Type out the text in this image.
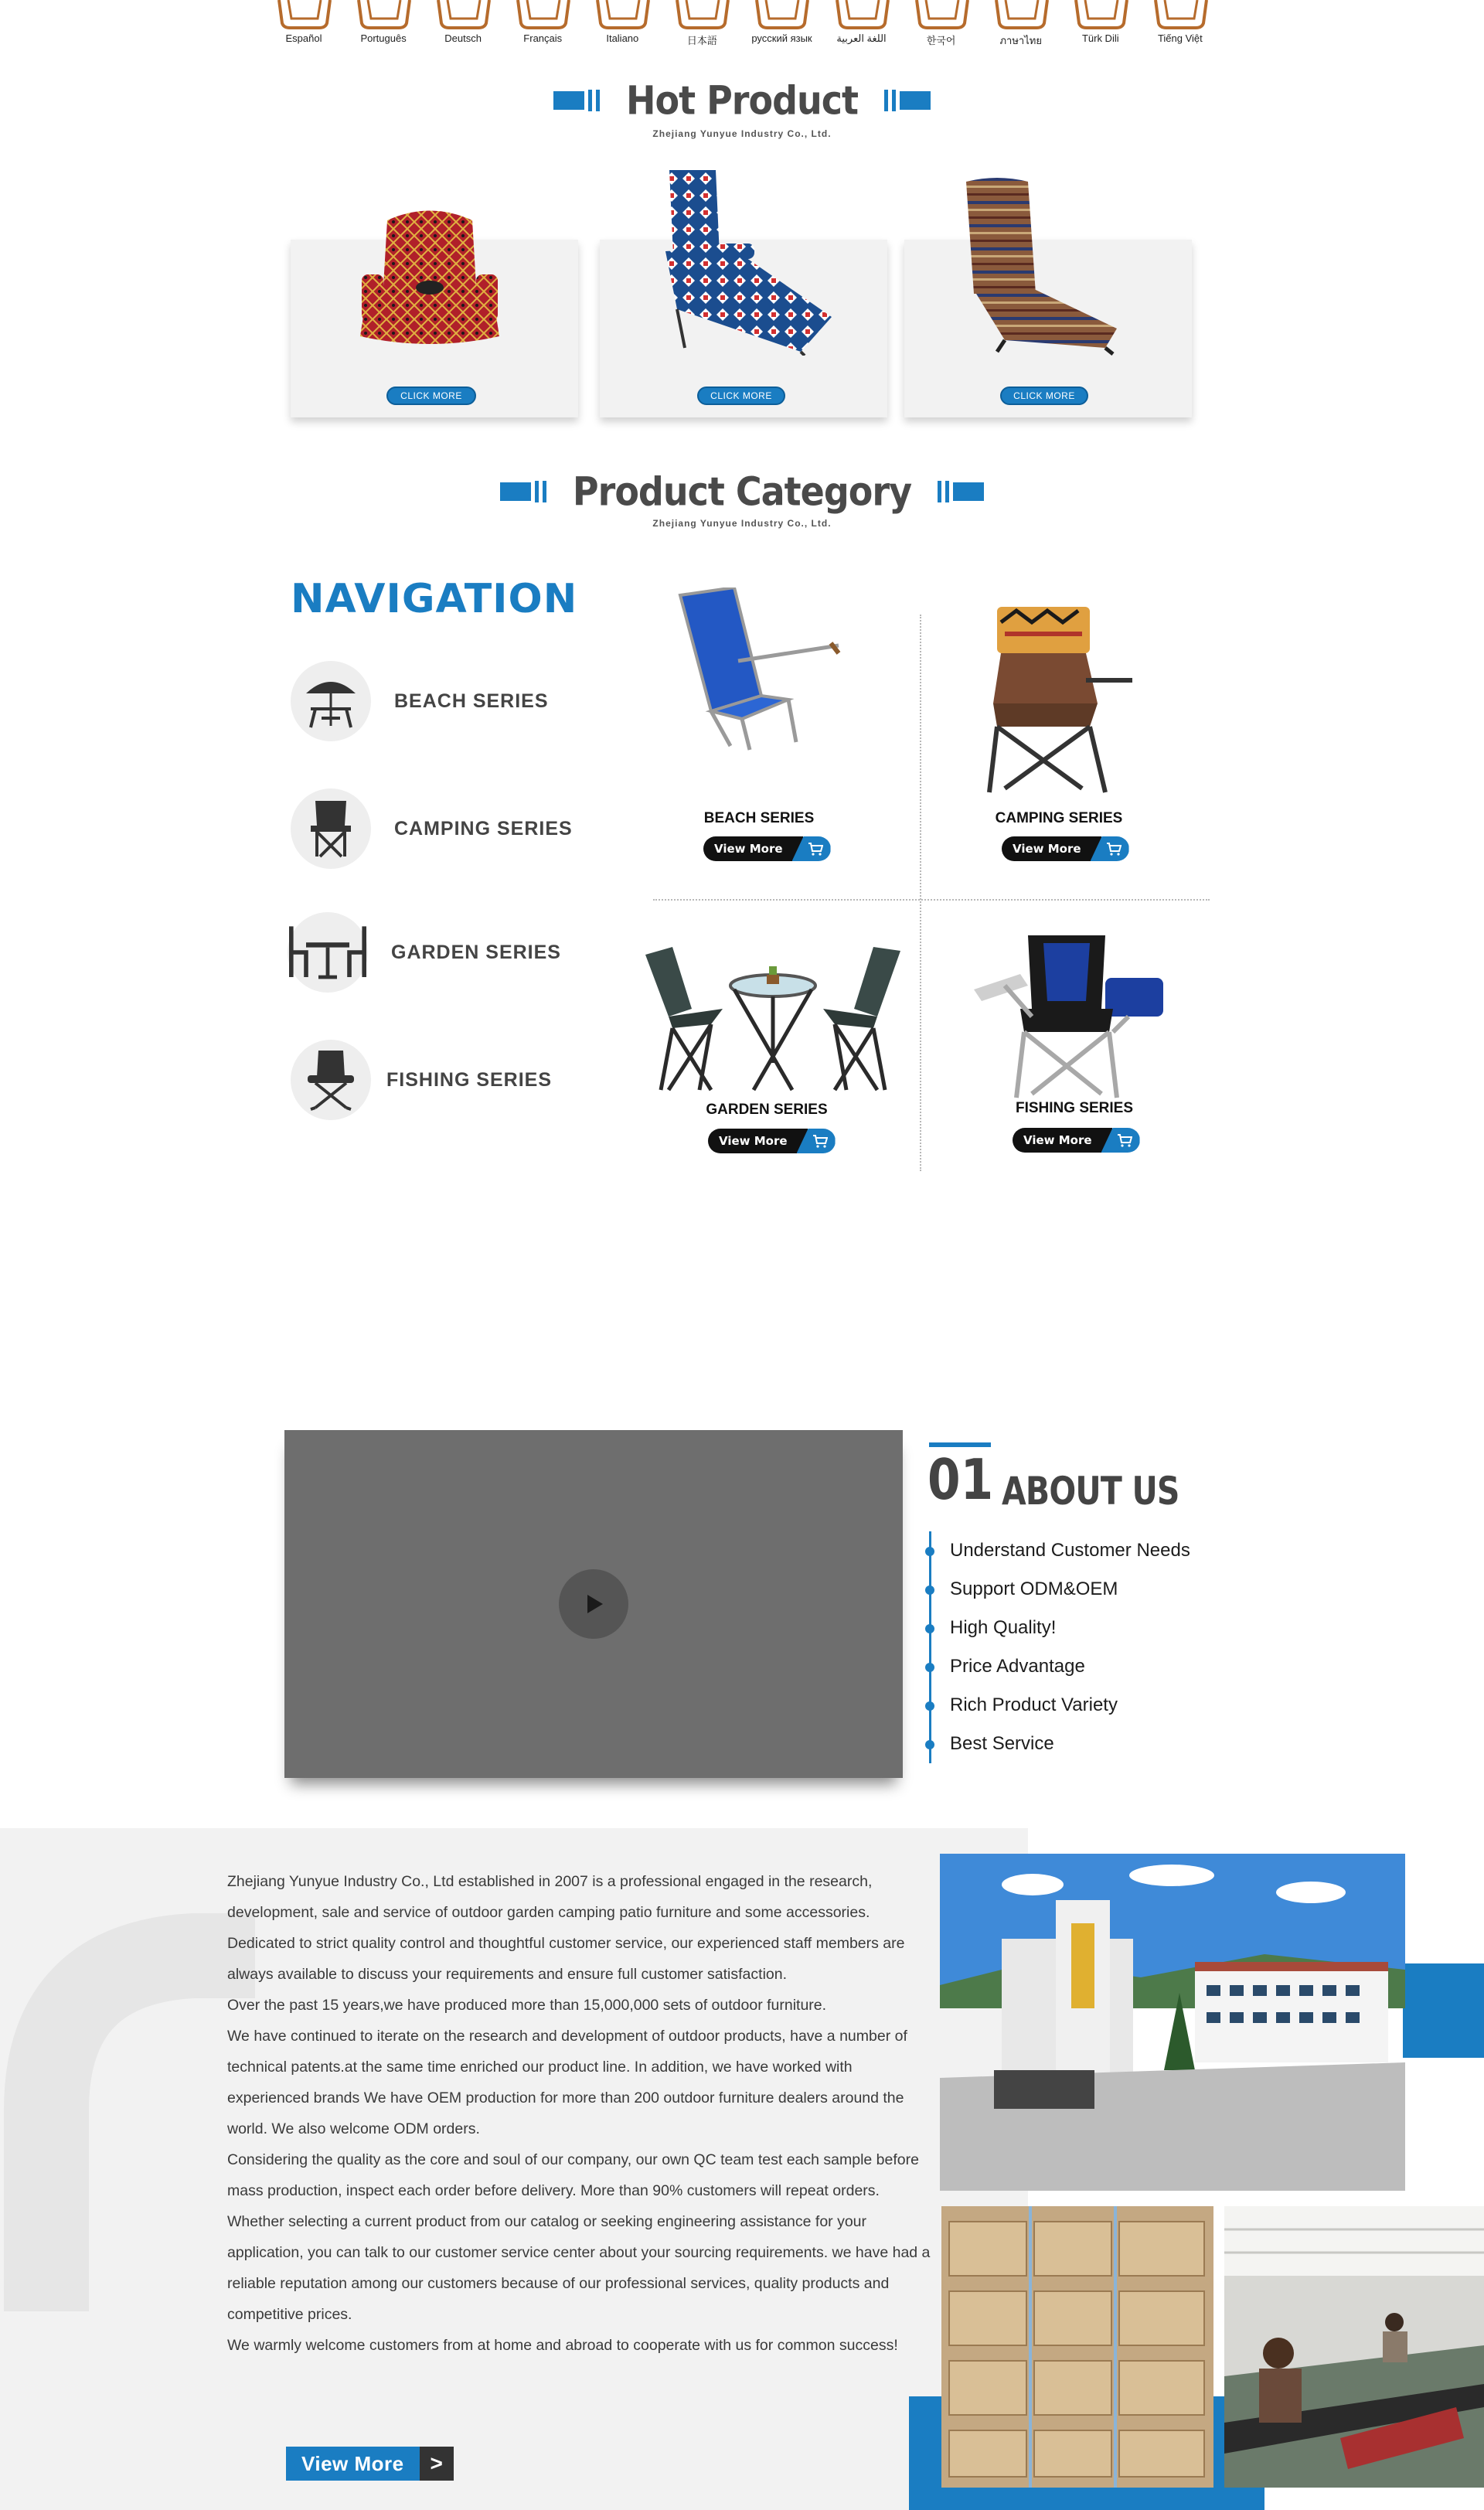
Español	Português	Deutsch	Français	Italiano	日本語	русский язык اللغة العربية	한국어	ภาษาไทย	Türk Dili	Tiếng Việt
Hot Product
Zhejiang Yunyue Industry Co., Ltd.
CLICK MORE	CLICK MORE	CLICK MORE
Product Category
Zhejiang Yunyue Industry Co., Ltd.
NAVIGATION
BEACH SERIES
CAMPING SERIES
GARDEN SERIES
FISHING SERIES
BEACH SERIES
View More
CAMPING SERIES
View More
GARDEN SERIES
View More
FISHING SERIES
View More
01 ABOUT US
Understand Customer Needs
Support ODM&OEM
High Quality!
Price Advantage
Rich Product Variety
Best Service

Zhejiang Yunyue Industry Co., Ltd established in 2007 is a professional engaged in the research, development, sale and service of outdoor garden camping patio furniture and some accessories.

Dedicated to strict quality control and thoughtful customer service, our experienced staff members are always available to discuss your requirements and ensure full customer satisfaction.

Over the past 15 years,we have produced more than 15,000,000 sets of outdoor furniture.

We have continued to iterate on the research and development of outdoor products, have a number of technical patents.at the same time enriched our product line. In addition, we have worked with experienced brands We have OEM production for more than 200 outdoor furniture dealers around the world. We also welcome ODM orders.

Considering the quality as the core and soul of our company, our own QC team test each sample before mass production, inspect each order before delivery. More than 90% customers will repeat orders. Whether selecting a current product from our catalog or seeking engineering assistance for your application, you can talk to our customer service center about your sourcing requirements. we have had a reliable reputation among our customers because of our professional services, quality products and competitive prices.

We warmly welcome customers from at home and abroad to cooperate with us for common success!

View More	>
